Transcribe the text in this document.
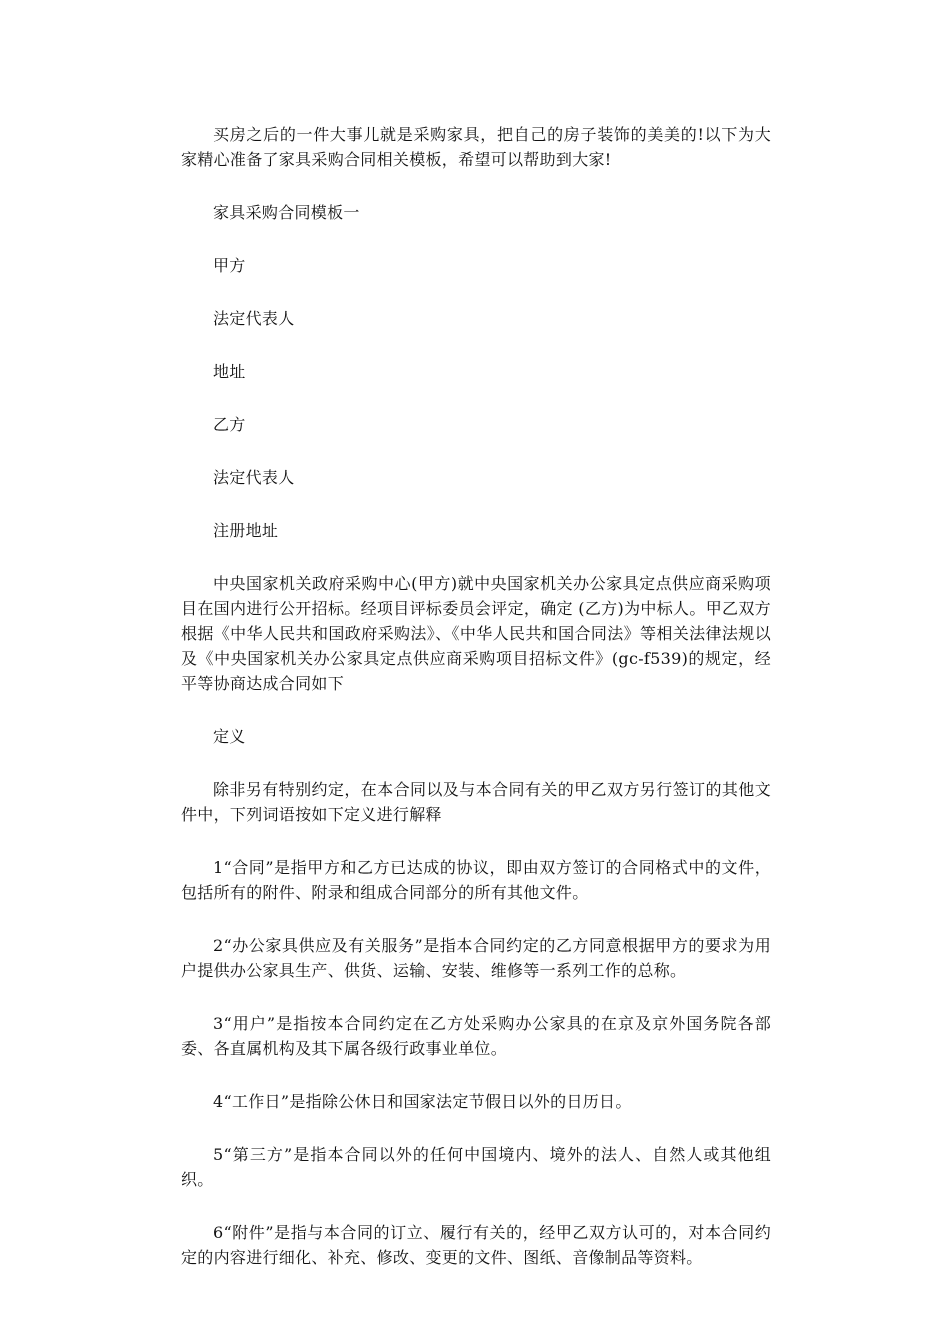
买房之后的一件大事儿就是采购家具，把自己的房子装饰的美美的!以下为大家精心准备了家具采购合同相关模板，希望可以帮助到大家!

家具采购合同模板一

甲方

法定代表人

地址

乙方

法定代表人

注册地址

中央国家机关政府采购中心(甲方)就中央国家机关办公家具定点供应商采购项目在国内进行公开招标。经项目评标委员会评定，确定 (乙方)为中标人。甲乙双方根据《中华人民共和国政府采购法》、《中华人民共和国合同法》等相关法律法规以及《中央国家机关办公家具定点供应商采购项目招标文件》(gc-f539)的规定，经平等协商达成合同如下

定义

除非另有特别约定，在本合同以及与本合同有关的甲乙双方另行签订的其他文件中，下列词语按如下定义进行解释

1“合同”是指甲方和乙方已达成的协议，即由双方签订的合同格式中的文件，包括所有的附件、附录和组成合同部分的所有其他文件。

2“办公家具供应及有关服务”是指本合同约定的乙方同意根据甲方的要求为用户提供办公家具生产、供货、运输、安装、维修等一系列工作的总称。

3“用户”是指按本合同约定在乙方处采购办公家具的在京及京外国务院各部委、各直属机构及其下属各级行政事业单位。

4“工作日”是指除公休日和国家法定节假日以外的日历日。

5“第三方”是指本合同以外的任何中国境内、境外的法人、自然人或其他组织。

6“附件”是指与本合同的订立、履行有关的，经甲乙双方认可的，对本合同约定的内容进行细化、补充、修改、变更的文件、图纸、音像制品等资料。
